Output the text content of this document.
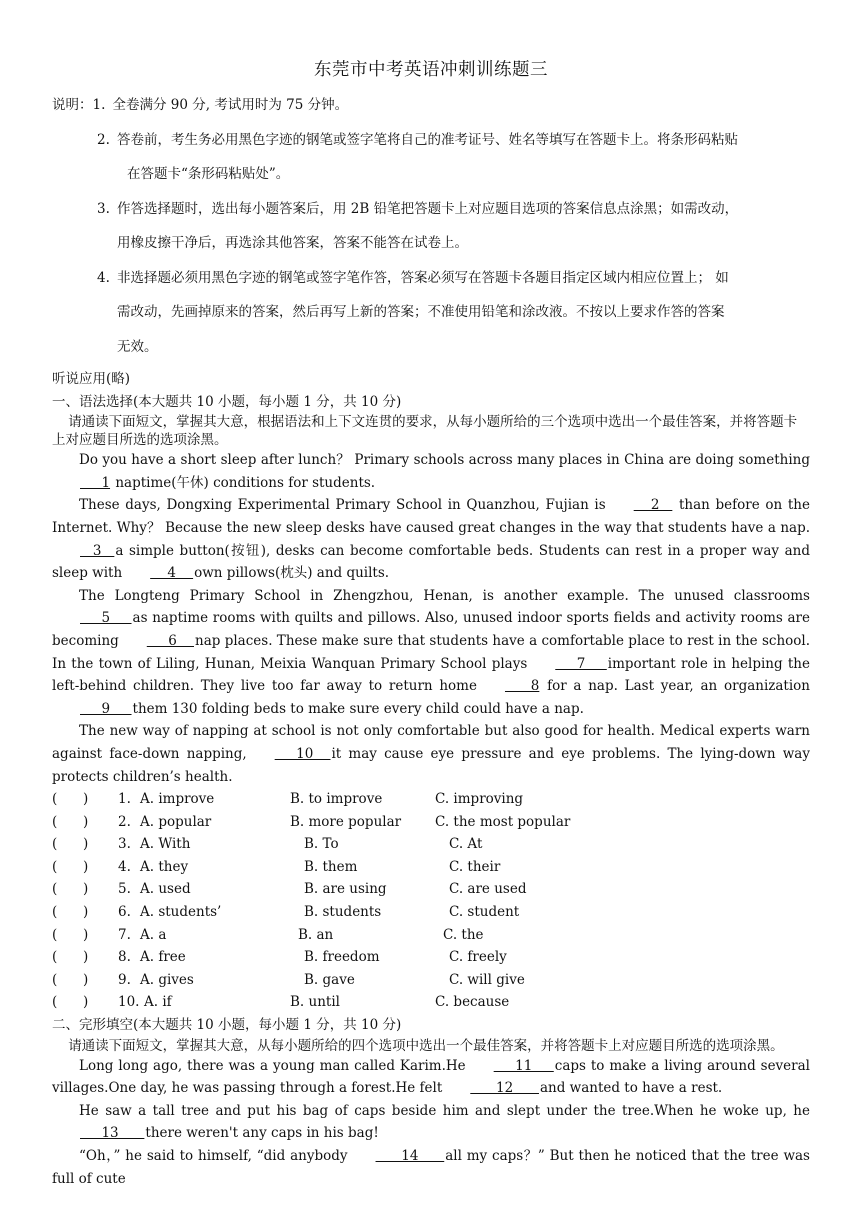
东莞市中考英语冲刺训练题三
说明： 1. 全卷满分 90 分, 考试用时为 75 分钟。
2. 答卷前，考生务必用黑色字迹的钢笔或签字笔将自己的准考证号、姓名等填写在答题卡上。将条形码粘贴
在答题卡“条形码粘贴处”。
3. 作答选择题时，选出每小题答案后，用 2B 铅笔把答题卡上对应题目选项的答案信息点涂黑；如需改动，
用橡皮擦干净后，再选涂其他答案，答案不能答在试卷上。
4. 非选择题必须用黑色字迹的钢笔或签字笔作答，答案必须写在答题卡各题目指定区域内相应位置上； 如
需改动，先画掉原来的答案，然后再写上新的答案；不准使用铅笔和涂改液。不按以上要求作答的答案
无效。
听说应用(略)
一、语法选择(本大题共 10 小题，每小题 1 分，共 10 分)
请通读下面短文，掌握其大意，根据语法和上下文连贯的要求，从每小题所给的三个选项中选出一个最佳答案，并将答题卡上对应题目所选的选项涂黑。

Do you have a short sleep after lunch？ Primary schools across many places in China are doing something     1 naptime(午休) conditions for students.

These days, Dongxing Experimental Primary School in Quanzhou, Fujian is    2    than before on the Internet. Why？ Because the new sleep desks have caused great changes in the way that students have a nap.   3   a simple button(按钮), desks can become comfortable beds. Students can rest in a proper way and sleep with    4    own pillows(枕头) and quilts.

The Longteng Primary School in Zhengzhou, Henan, is another example. The unused classrooms     5     as naptime rooms with quilts and pillows. Also, unused indoor sports fields and activity rooms are becoming     6    nap places. These make sure that students have a comfortable place to rest in the school. In the town of Liling, Hunan, Meixia Wanquan Primary School plays     7     important role in helping the left-behind children. They live too far away to return home      8 for a nap. Last year, an organization     9     them 130 folding beds to make sure every child could have a nap.

The new way of napping at school is not only comfortable but also good for health. Medical experts warn against face-down napping,     10    it may cause eye pressure and eye problems. The lying-down way protects children’s health.

(      )	1. A. improve	B. to improve	C. improving
(      )	2. A. popular	B. more popular	C. the most popular
(      )	3. A. With	B. To	C. At
(      )	4. A. they	B. them	C. their
(      )	5. A. used	B. are using	C. are used
(      )	6. A. students’	B. students	C. student
(      )	7. A. a	B. an	C. the
(      )	8. A. free	B. freedom	C. freely
(      )	9. A. gives	B. gave	C. will give
(      )	10. A. if	B. until	C. because
二、完形填空(本大题共 10 小题，每小题 1 分，共 10 分)
请通读下面短文，掌握其大意，从每小题所给的四个选项中选出一个最佳答案，并将答题卡上对应题目所选的选项涂黑。

Long long ago, there was a young man called Karim.He     11     caps to make a living around several villages.One day, he was passing through a forest.He felt      12      and wanted to have a rest.

He saw a tall tree and put his bag of caps beside him and slept under the tree.When he woke up, he     13      there weren't any caps in his bag!

“Oh，” he said to himself, “did anybody      14      all my caps？” But then he noticed that the tree was full of cute
